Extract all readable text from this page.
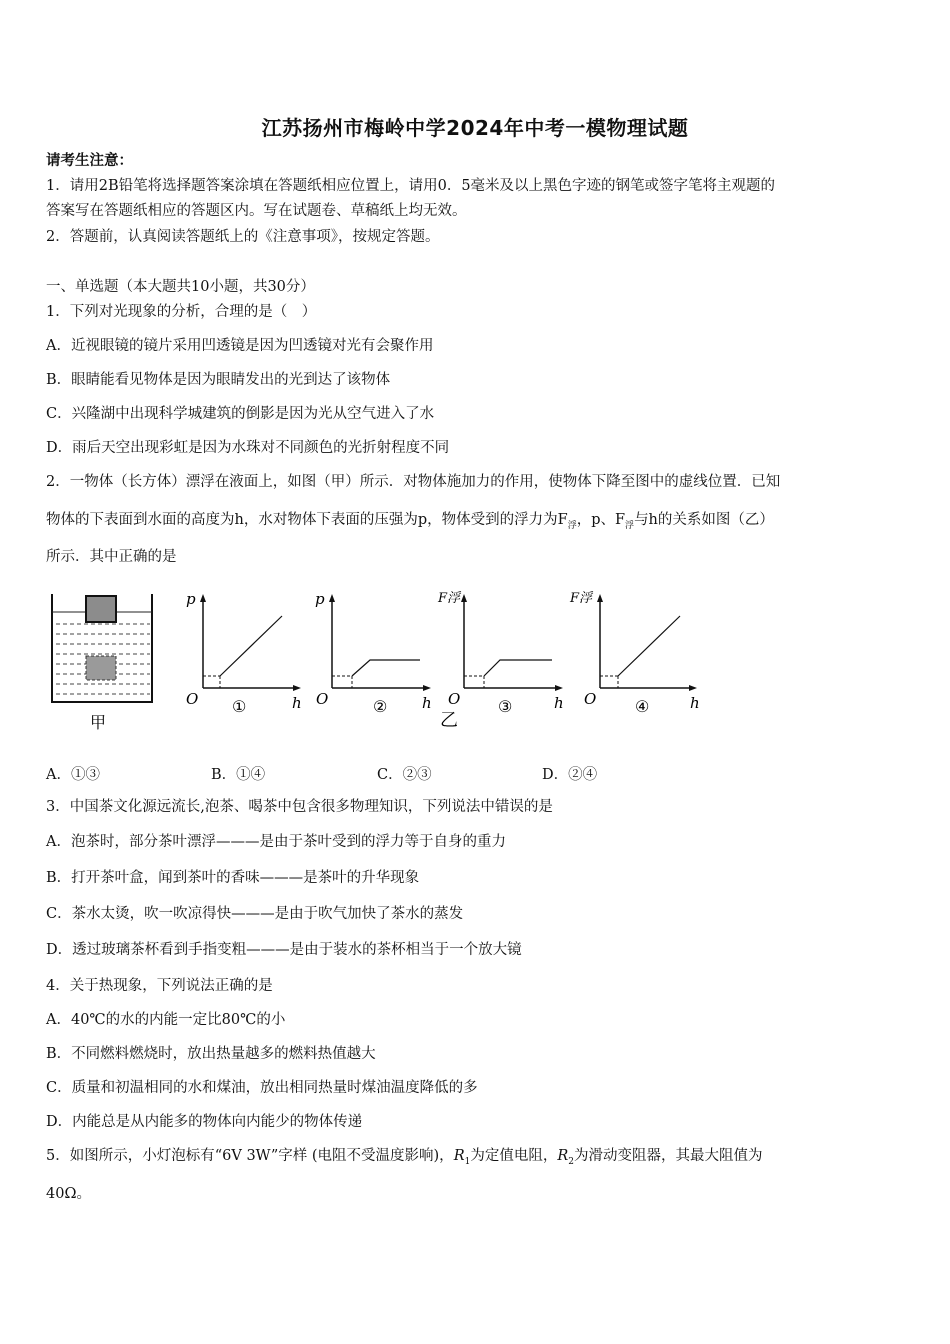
江苏扬州市梅岭中学2024年中考一模物理试题
请考生注意：
1．请用2B铅笔将选择题答案涂填在答题纸相应位置上，请用0．5毫米及以上黑色字迹的钢笔或签字笔将主观题的
答案写在答题纸相应的答题区内。写在试题卷、草稿纸上均无效。
2．答题前，认真阅读答题纸上的《注意事项》，按规定答题。
一、单选题（本大题共10小题，共30分）
1．下列对光现象的分析，合理的是（　）
A．近视眼镜的镜片采用凹透镜是因为凹透镜对光有会聚作用
B．眼睛能看见物体是因为眼睛发出的光到达了该物体
C．兴隆湖中出现科学城建筑的倒影是因为光从空气进入了水
D．雨后天空出现彩虹是因为水珠对不同颜色的光折射程度不同
2．一物体（长方体）漂浮在液面上，如图（甲）所示．对物体施加力的作用，使物体下降至图中的虚线位置．已知
物体的下表面到水面的高度为h，水对物体下表面的压强为p，物体受到的浮力为$F_浮$，p、$F_浮$与h的关系如图（乙）
所示．其中正确的是
甲
p
O	h
①
p
O	h
②
F浮
O	h
③
乙
F浮
O	h
④
A．①③	B．①④	C．②③	D．②④
3．中国茶文化源远流长,泡茶、喝茶中包含很多物理知识，下列说法中错误的是
A．泡茶时，部分茶叶漂浮———是由于茶叶受到的浮力等于自身的重力
B．打开茶叶盒，闻到茶叶的香味———是茶叶的升华现象
C．茶水太烫，吹一吹凉得快———是由于吹气加快了茶水的蒸发
D．透过玻璃茶杯看到手指变粗———是由于装水的茶杯相当于一个放大镜
4．关于热现象，下列说法正确的是
A．40℃的水的内能一定比80℃的小
B．不同燃料燃烧时，放出热量越多的燃料热值越大
C．质量和初温相同的水和煤油，放出相同热量时煤油温度降低的多
D．内能总是从内能多的物体向内能少的物体传递
5．如图所示，小灯泡标有“6V 3W”字样 (电阻不受温度影响)，$R_1$为定值电阻，$R_2$为滑动变阻器，其最大阻值为
40Ω。
